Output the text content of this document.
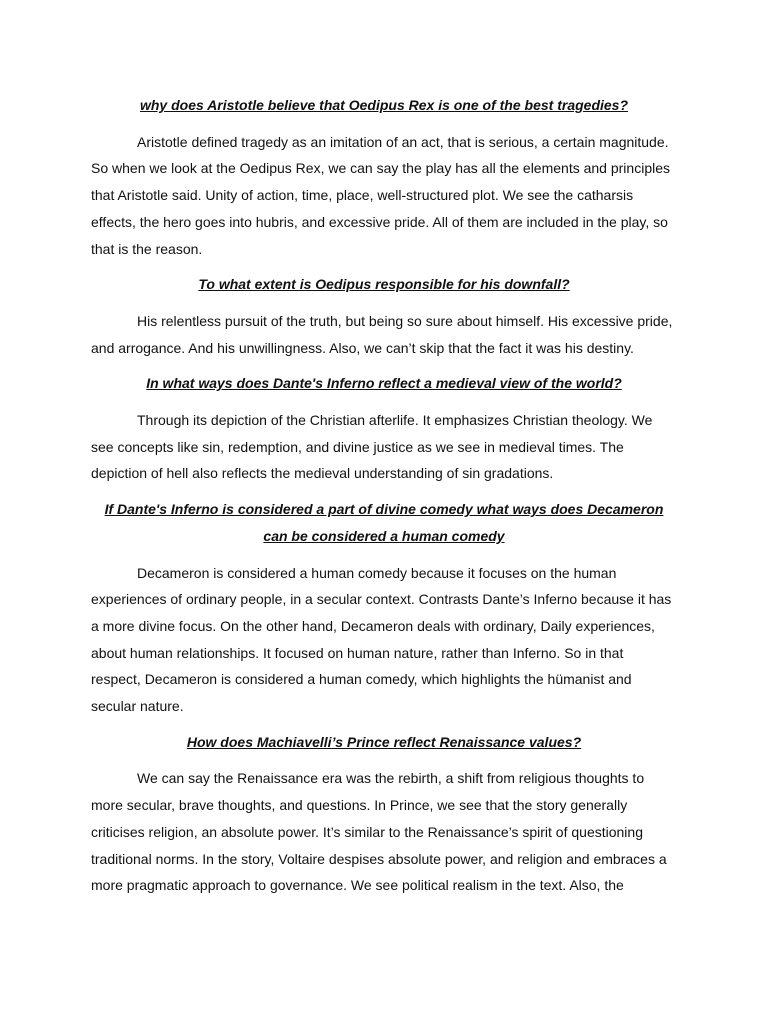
why does Aristotle believe that Oedipus Rex is one of the best tragedies?

Aristotle defined tragedy as an imitation of an act, that is serious, a certain magnitude. So when we look at the Oedipus Rex, we can say the play has all the elements and principles that Aristotle said. Unity of action, time, place, well-structured plot. We see the catharsis effects, the hero goes into hubris, and excessive pride. All of them are included in the play, so that is the reason.

To what extent is Oedipus responsible for his downfall?

His relentless pursuit of the truth, but being so sure about himself. His excessive pride, and arrogance. And his unwillingness. Also, we can’t skip that the fact it was his destiny.

In what ways does Dante's Inferno reflect a medieval view of the world?

Through its depiction of the Christian afterlife. It emphasizes Christian theology. We see concepts like sin, redemption, and divine justice as we see in medieval times. The depiction of hell also reflects the medieval understanding of sin gradations.

If Dante's Inferno is considered a part of divine comedy what ways does Decameron can be considered a human comedy

Decameron is considered a human comedy because it focuses on the human experiences of ordinary people, in a secular context. Contrasts Dante’s Inferno because it has a more divine focus. On the other hand, Decameron deals with ordinary, Daily experiences, about human relationships. It focused on human nature, rather than Inferno. So in that respect, Decameron is considered a human comedy, which highlights the hümanist and secular nature.

How does Machiavelli’s Prince reflect Renaissance values?

We can say the Renaissance era was the rebirth, a shift from religious thoughts to more secular, brave thoughts, and questions. In Prince, we see that the story generally criticises religion, an absolute power. It’s similar to the Renaissance’s spirit of questioning traditional norms. In the story, Voltaire despises absolute power, and religion and embraces a more pragmatic approach to governance. We see political realism in the text. Also, the
